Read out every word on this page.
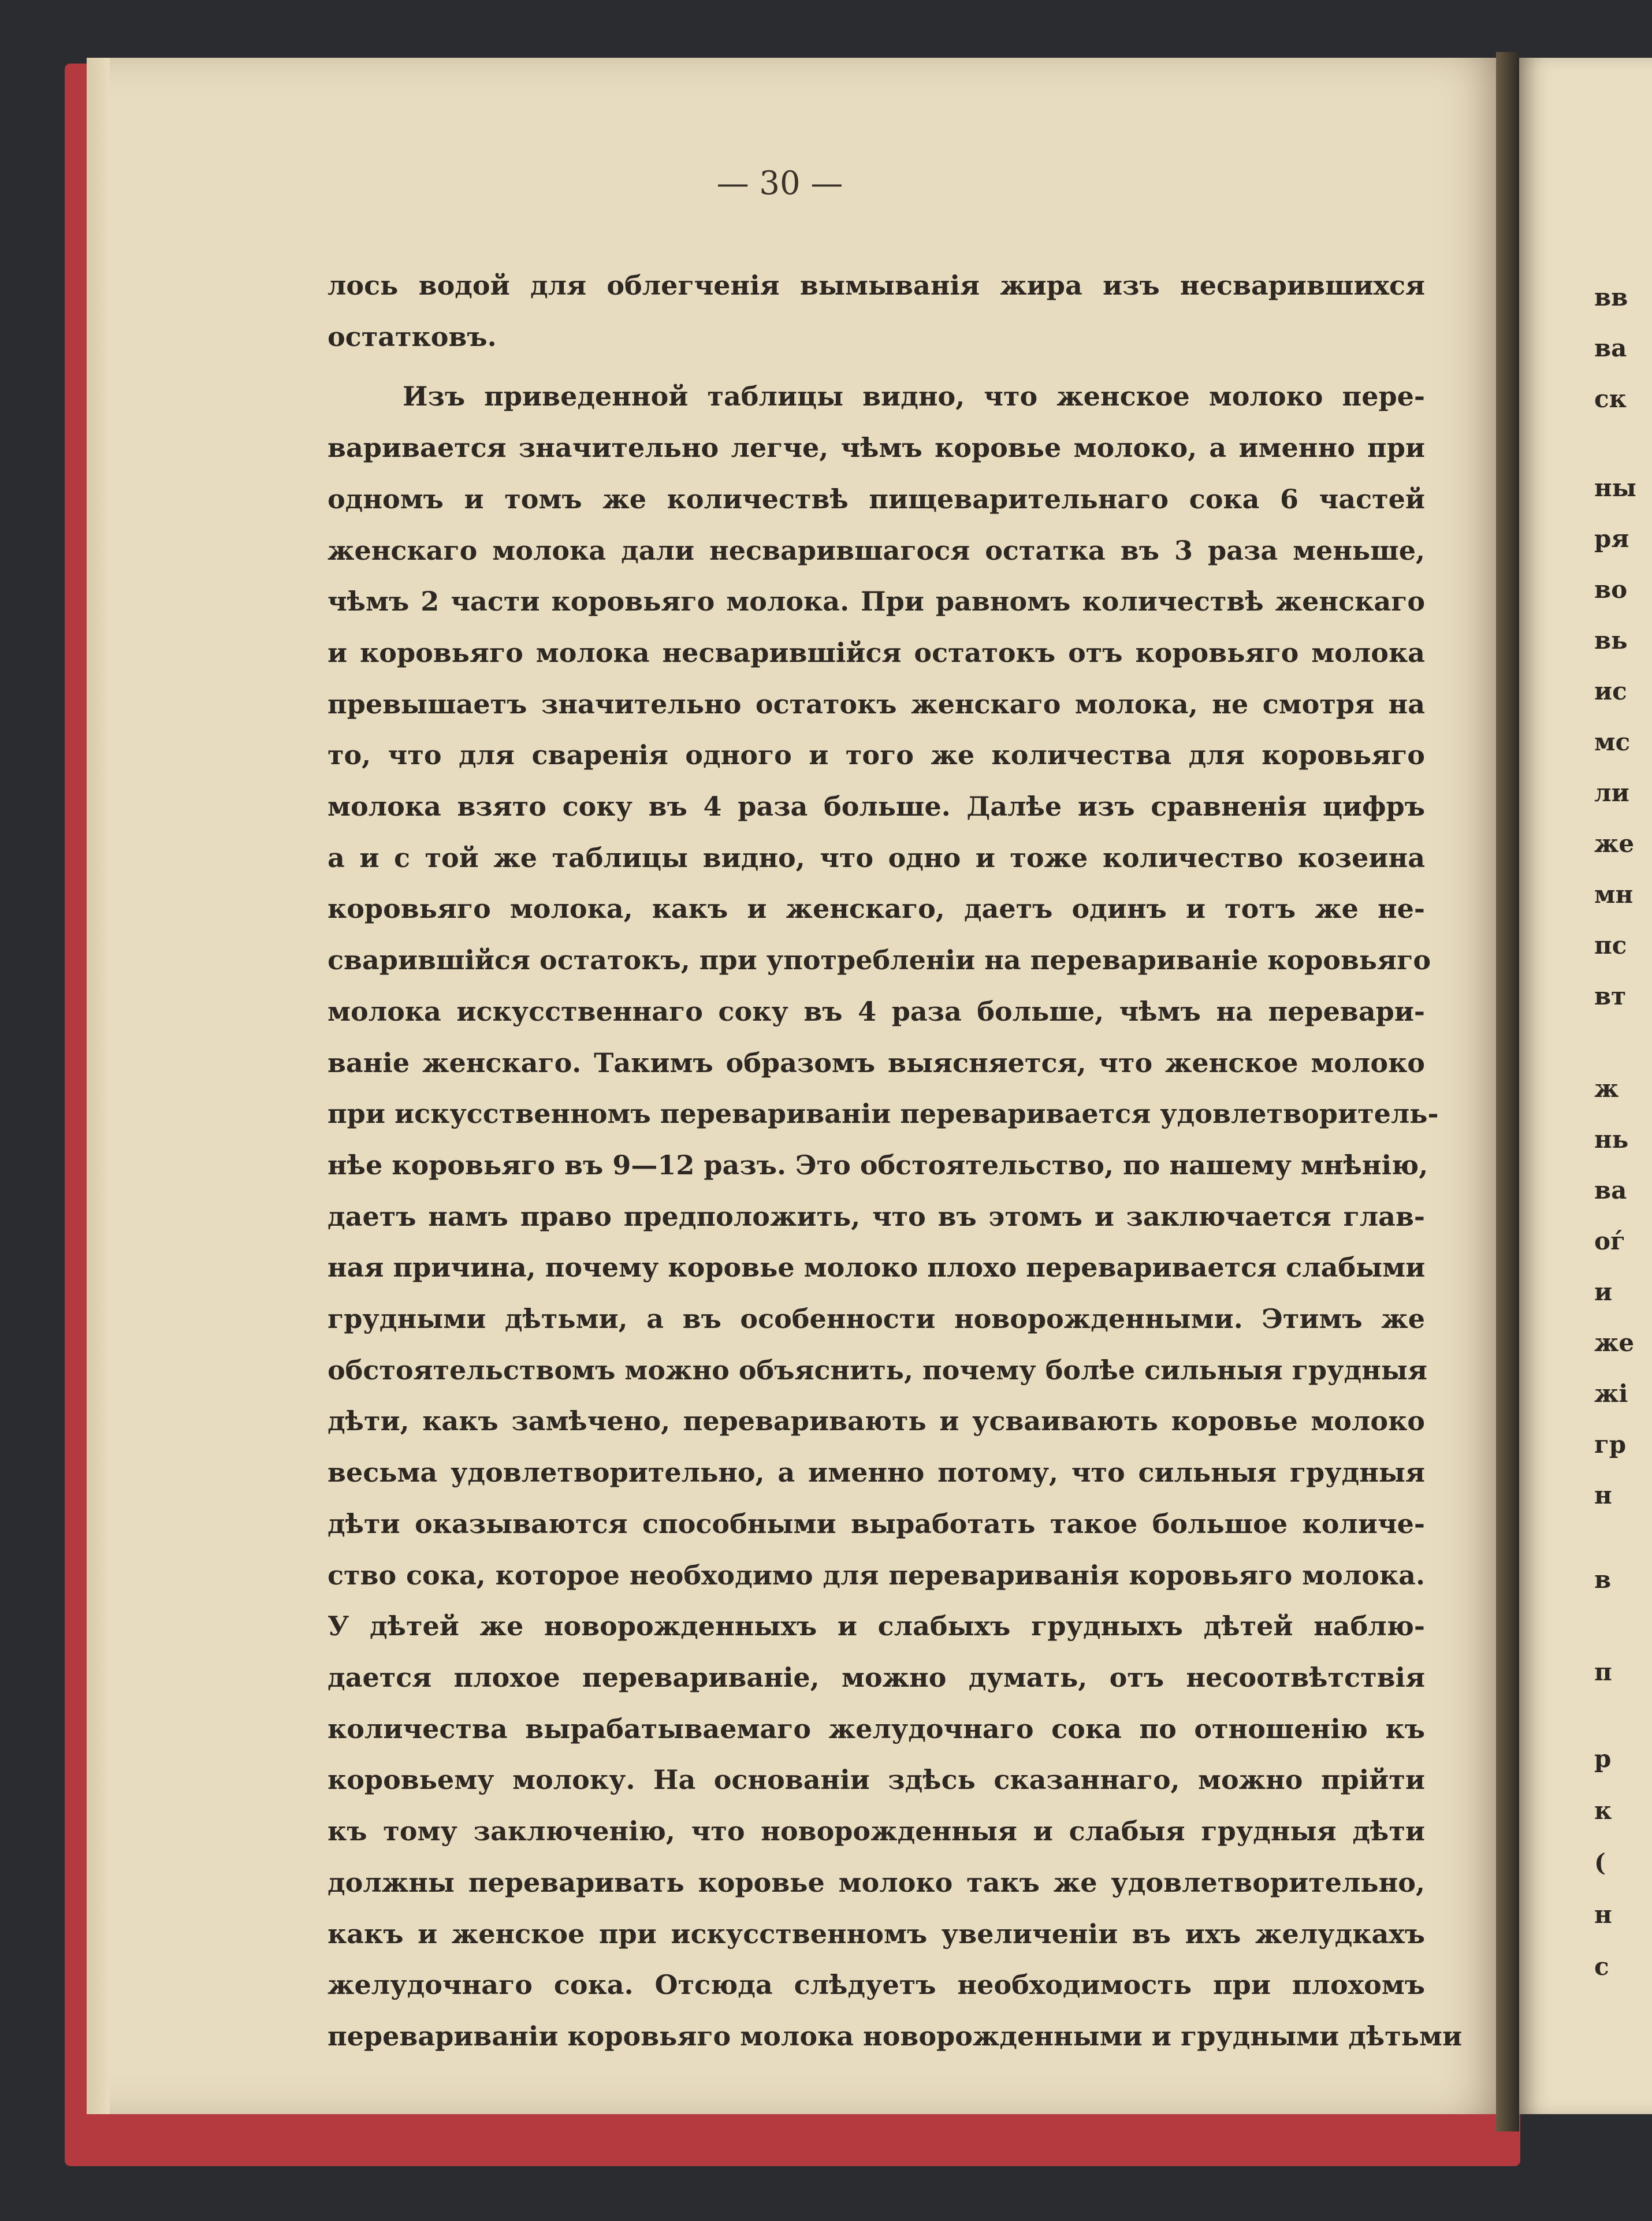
— 30 —
лось водой для облегченія вымыванія жира изъ несварившихся
остатковъ.
Изъ приведенной таблицы видно, что женское молоко пере-
варивается значительно легче, чѣмъ коровье молоко, а именно при
одномъ и томъ же количествѣ пищеварительнаго сока 6 частей
женскаго молока дали несварившагося остатка въ 3 раза меньше,
чѣмъ 2 части коровьяго молока. При равномъ количествѣ женскаго
и коровьяго молока несварившійся остатокъ отъ коровьяго молока
превышаетъ значительно остатокъ женскаго молока, не смотря на
то, что для сваренія одного и того же количества для коровьяго
молока взято соку въ 4 раза больше. Далѣе изъ сравненія цифръ
а и с той же таблицы видно, что одно и тоже количество козеина
коровьяго молока, какъ и женскаго, даетъ одинъ и тотъ же не-
сварившійся остатокъ, при употребленіи на перевариваніе коровьяго
молока искусственнаго соку въ 4 раза больше, чѣмъ на перевари-
ваніе женскаго. Такимъ образомъ выясняется, что женское молоко
при искусственномъ перевариваніи переваривается удовлетворитель-
нѣе коровьяго въ 9—12 разъ. Это обстоятельство, по нашему мнѣнію,
даетъ намъ право предположить, что въ этомъ и заключается глав-
ная причина, почему коровье молоко плохо переваривается слабыми
грудными дѣтьми, а въ особенности новорожденными. Этимъ же
обстоятельствомъ можно объяснить, почему болѣе сильныя грудныя
дѣти, какъ замѣчено, переваривають и усваивають коровье молоко
весьма удовлетворительно, а именно потому, что сильныя грудныя
дѣти оказываются способными выработать такое большое количе-
ство сока, которое необходимо для перевариванія коровьяго молока.
У дѣтей же новорожденныхъ и слабыхъ грудныхъ дѣтей наблю-
дается плохое перевариваніе, можно думать, отъ несоотвѣтствія
количества вырабатываемаго желудочнаго сока по отношенію къ
коровьему молоку. На основаніи здѣсь сказаннаго, можно прійти
къ тому заключенію, что новорожденныя и слабыя грудныя дѣти
должны переваривать коровье молоко такъ же удовлетворительно,
какъ и женское при искусственномъ увеличеніи въ ихъ желудкахъ
желудочнаго сока. Отсюда слѣдуетъ необходимость при плохомъ
перевариваніи коровьяго молока новорожденными и грудными дѣтьми
вв
ва
ск
ны
ря
во
вь
ис
мс
ли
же
мн
пс
вт
ж
нь
ва
оѓ
и
же
жі
гр
н
в
п
р
к
(
н
с
